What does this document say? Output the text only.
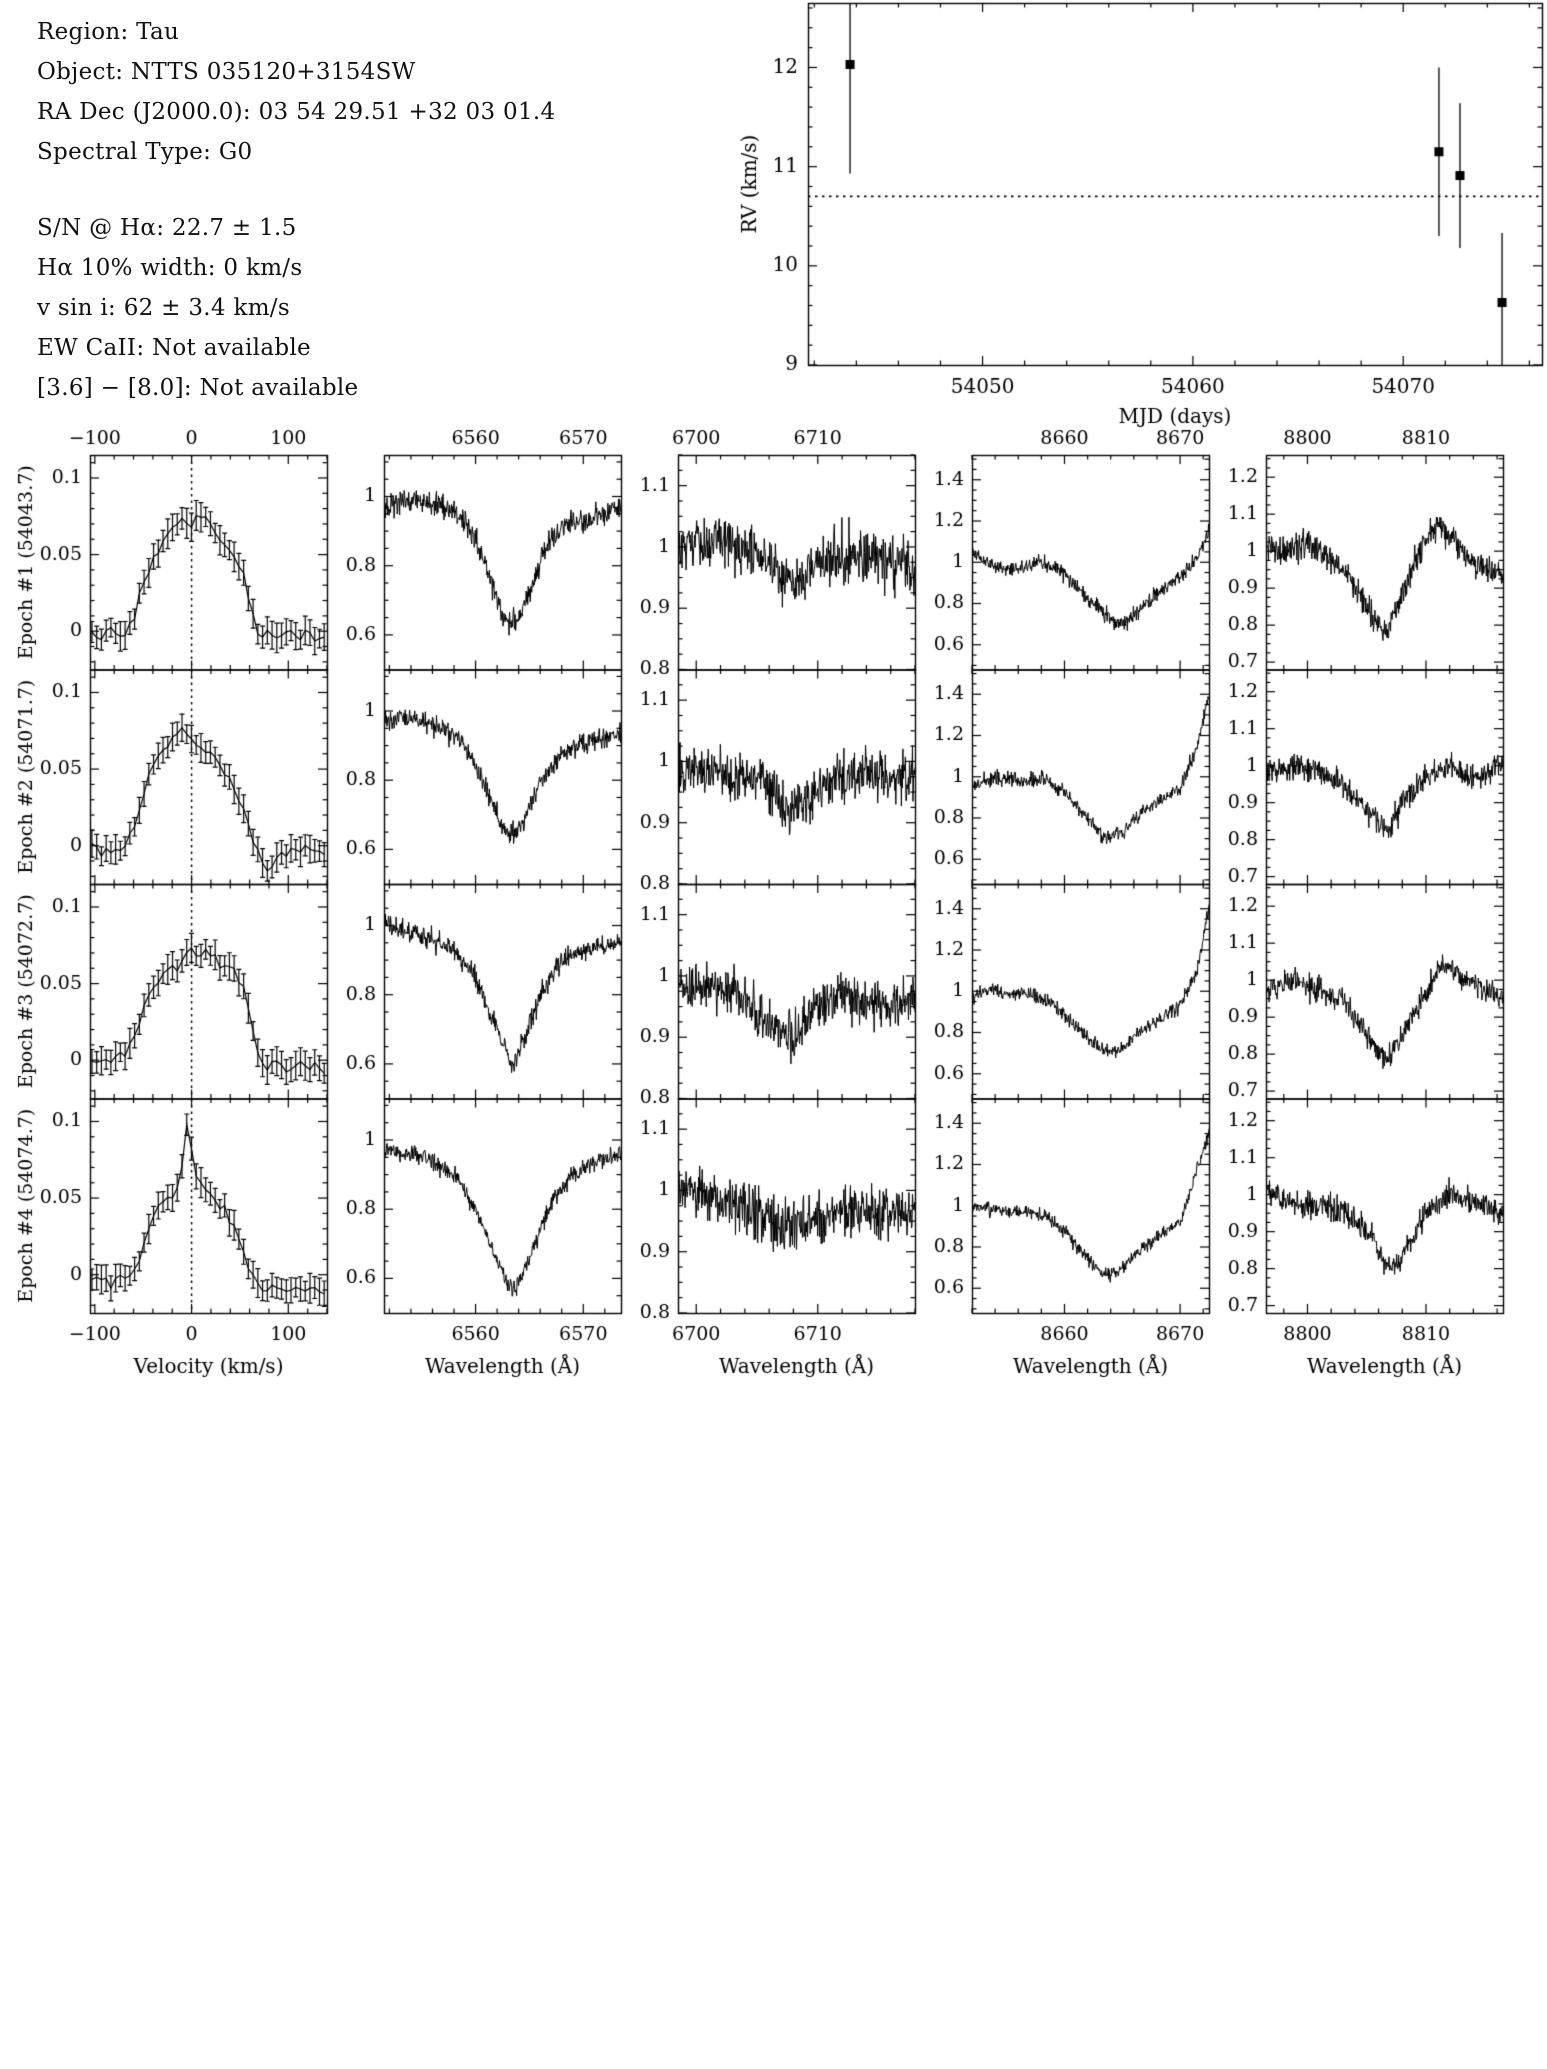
Region: Tau
Object: NTTS 035120+3154SW
RA Dec (J2000.0): 03 54 29.51 +32 03 01.4
Spectral Type: G0
S/N @ Hα: 22.7 ± 1.5
Hα 10% width: 0 km/s
v sin i: 62 ± 3.4 km/s
EW CaII: Not available
[3.6] − [8.0]: Not available
